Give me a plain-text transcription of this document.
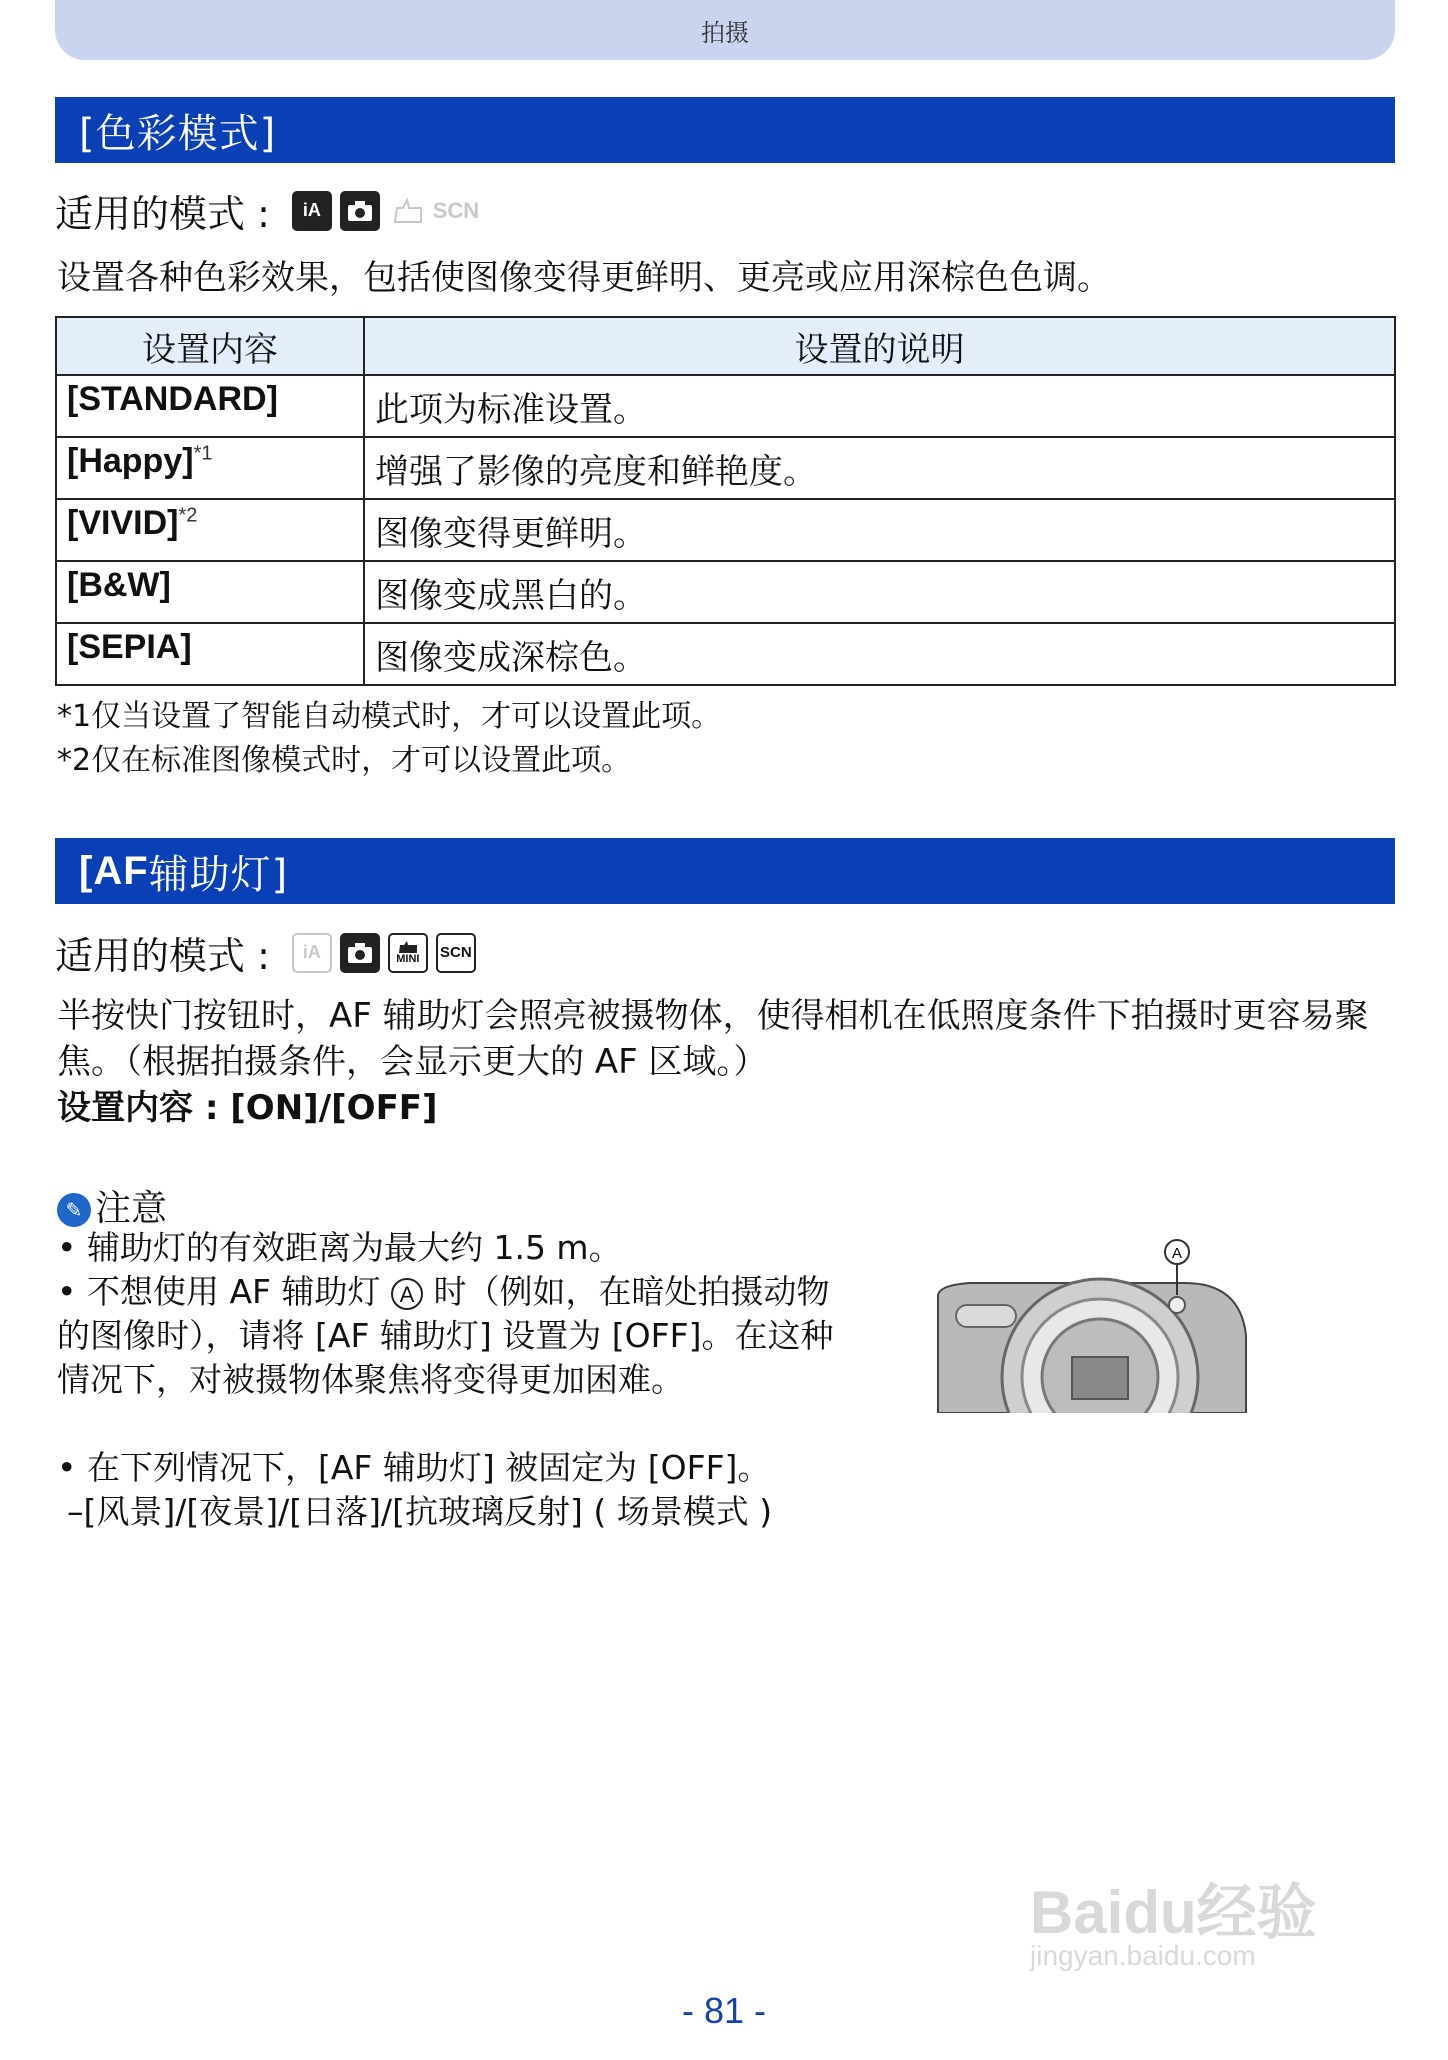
拍摄
[色彩模式]
适用的模式 :	iA	SCN
设置各种色彩效果，包括使图像变得更鲜明、更亮或应用深棕色色调。
设置内容	设置的说明
[STANDARD]	此项为标准设置。
[Happy]$^{*1}$	增强了影像的亮度和鲜艳度。
[VIVID]$^{*2}$	图像变得更鲜明。
[B&W]	图像变成黑白的。
[SEPIA]	图像变成深棕色。
*1仅当设置了智能自动模式时，才可以设置此项。
*2仅在标准图像模式时，才可以设置此项。
[AF 辅助灯]
适用的模式 :	iA	MINI SCN
半按快门按钮时，AF 辅助灯会照亮被摄物体，使得相机在低照度条件下拍摄时更容易聚焦。（根据拍摄条件，会显示更大的 AF 区域。）
设置内容 : [ON]/[OFF]
✎ 注意
• 辅助灯的有效距离为最大约 1.5 m。
• 不想使用 AF 辅助灯 A 时（例如，在暗处拍摄动物的图像时），请将 [AF 辅助灯] 设置为 [OFF]。在这种情况下，对被摄物体聚焦将变得更加困难。
• 在下列情况下，[AF 辅助灯] 被固定为 [OFF]。
–[风景]/[夜景]/[日落]/[抗玻璃反射] ( 场景模式 )
A
Baidu经验
jingyan.baidu.com
- 81 -
